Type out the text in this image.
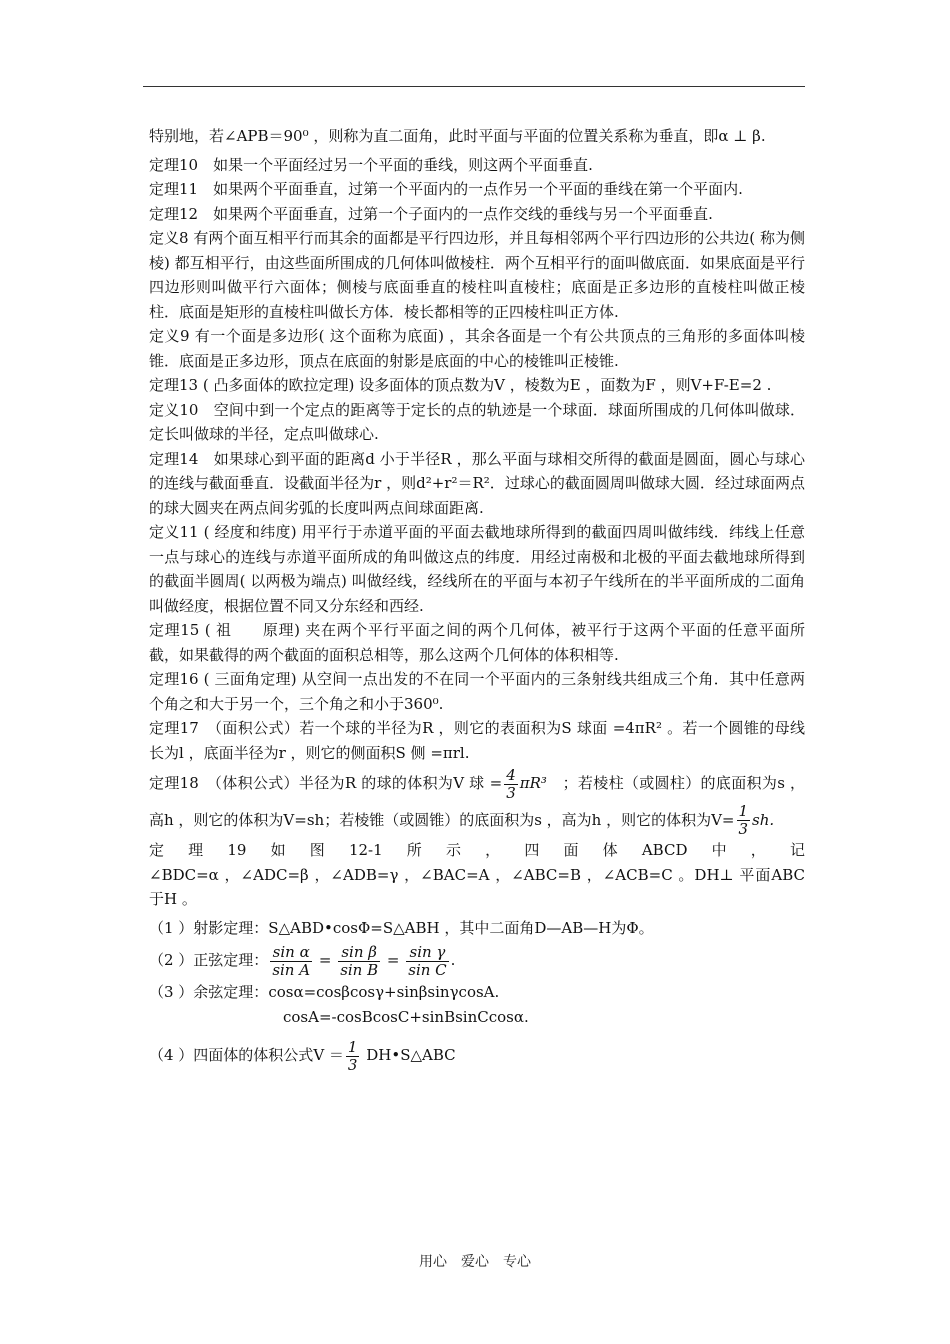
特别地，若∠APB＝90⁰ ，则称为直二面角，此时平面与平面的位置关系称为垂直，即α ⊥ β.

定理10　如果一个平面经过另一个平面的垂线，则这两个平面垂直.

定理11　如果两个平面垂直，过第一个平面内的一点作另一个平面的垂线在第一个平面内.

定理12　如果两个平面垂直，过第一个子面内的一点作交线的垂线与另一个平面垂直.

定义8 有两个面互相平行而其余的面都是平行四边形，并且每相邻两个平行四边形的公共边( 称为侧棱) 都互相平行，由这些面所围成的几何体叫做棱柱．两个互相平行的面叫做底面．如果底面是平行四边形则叫做平行六面体；侧棱与底面垂直的棱柱叫直棱柱；底面是正多边形的直棱柱叫做正棱柱．底面是矩形的直棱柱叫做长方体．棱长都相等的正四棱柱叫正方体.

定义9 有一个面是多边形( 这个面称为底面) ，其余各面是一个有公共顶点的三角形的多面体叫棱锥．底面是正多边形，顶点在底面的射影是底面的中心的棱锥叫正棱锥.

定理13 ( 凸多面体的欧拉定理) 设多面体的顶点数为V ，棱数为E ，面数为F ，则V+F-E=2 .

定义10　空间中到一个定点的距离等于定长的点的轨迹是一个球面．球面所围成的几何体叫做球．定长叫做球的半径，定点叫做球心.

定理14　如果球心到平面的距离d 小于半径R ，那么平面与球相交所得的截面是圆面，圆心与球心的连线与截面垂直．设截面半径为r ，则d²+r²＝R²．过球心的截面圆周叫做球大圆．经过球面两点的球大圆夹在两点间劣弧的长度叫两点间球面距离.

定义11 ( 经度和纬度) 用平行于赤道平面的平面去截地球所得到的截面四周叫做纬线．纬线上任意一点与球心的连线与赤道平面所成的角叫做这点的纬度．用经过南极和北极的平面去截地球所得到的截面半圆周( 以两极为端点) 叫做经线，经线所在的平面与本初子午线所在的半平面所成的二面角叫做经度，根据位置不同又分东经和西经.

定理15 ( 祖　　原理) 夹在两个平行平面之间的两个几何体，被平行于这两个平面的任意平面所截，如果截得的两个截面的面积总相等，那么这两个几何体的体积相等.

定理16 ( 三面角定理) 从空间一点出发的不在同一个平面内的三条射线共组成三个角．其中任意两个角之和大于另一个，三个角之和小于360⁰.

定理17　（面积公式）若一个球的半径为R ，则它的表面积为S 球面 =4πR² 。若一个圆锥的母线长为l ，底面半径为r ，则它的侧面积S 侧 =πrl.

定理18　（体积公式）半径为R 的球的体积为V 球 = $\frac{4}{3} \pi R^3$　 ；若棱柱（或圆柱）的底面积为s ，高h ，则它的体积为V=sh；若棱锥（或圆锥）的底面积为s ，高为h ，则它的体积为$V= \frac{1}{3}$ sh.

定 理 19 如 图 12-1 所 示 ， 四 面 体 ABCD 中 ， 记

∠BDC=α ，∠ADC=β ，∠ADB=γ ，∠BAC=A ，∠ABC=B ，∠ACB=C 。DH⊥ 平面ABC 于H 。

（1 ）射影定理：S△ABD•cosΦ=S△ABH ，其中二面角D—AB—H为Φ。

（2 ）正弦定理： $\frac{\text{sin α}}{\text{sin A}} = \frac{\text{sin β}}{\text{sin B}} = \frac{\text{sin γ}}{\text{sin C}}$ .

（3 ）余弦定理：cosα=cosβcosγ+sinβsinγcosA.

cosA=-cosBcosC+sinBsinCcosα.

（4 ）四面体的体积公式$V = \frac{1}{3}$ DH•S△ABC

用心　爱心　专心
